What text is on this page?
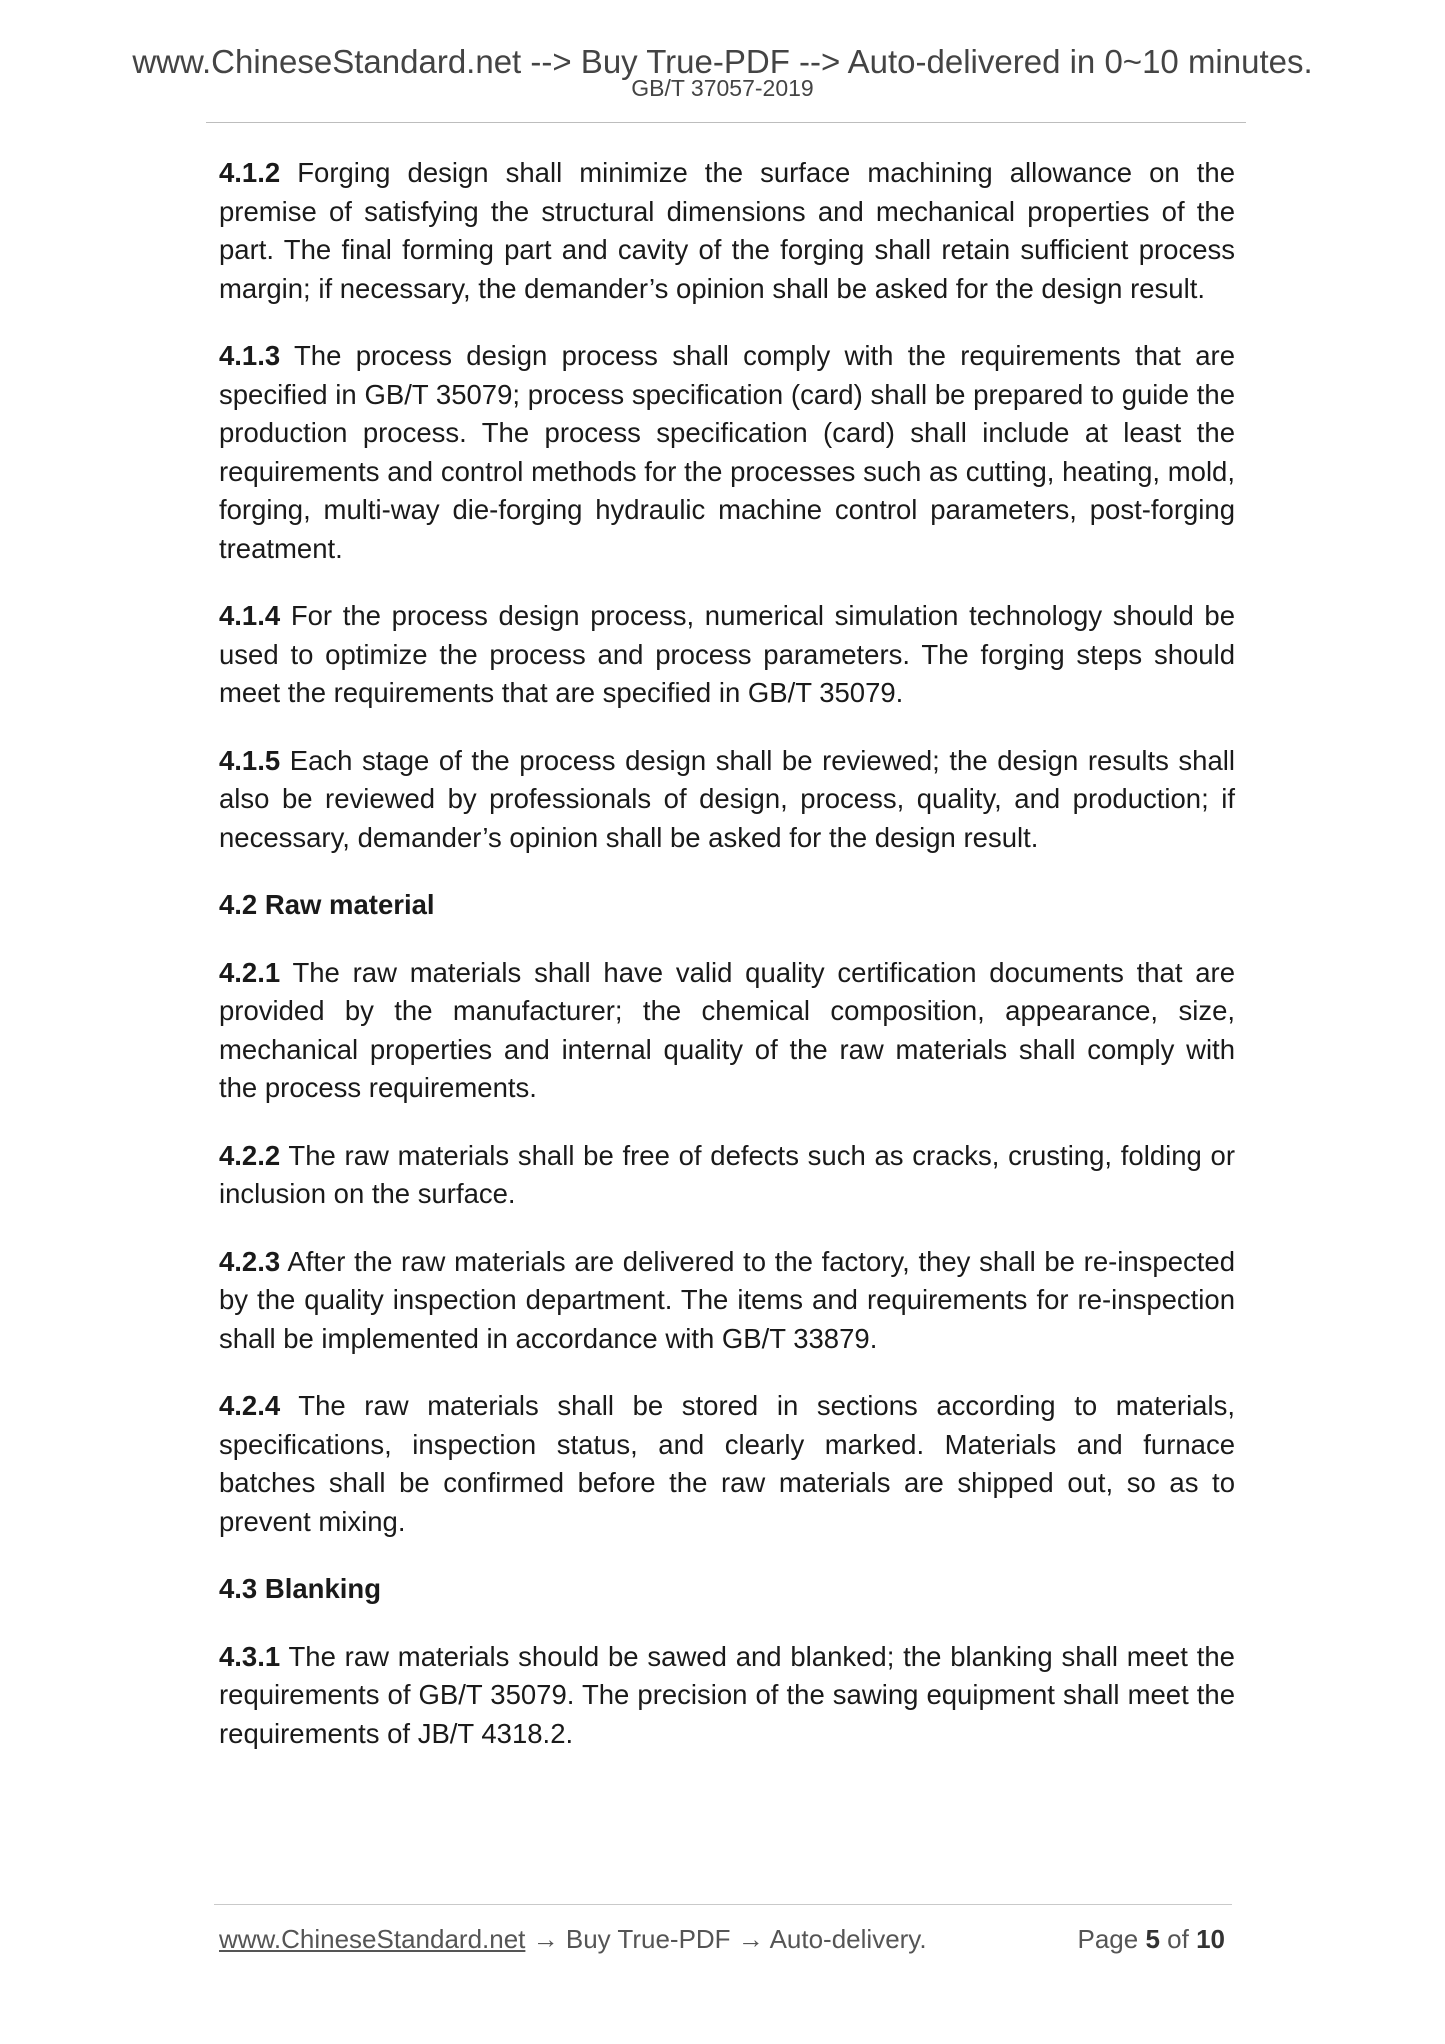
www.ChineseStandard.net --> Buy True-PDF --> Auto-delivered in 0~10 minutes.
GB/T 37057-2019

4.1.2 Forging design shall minimize the surface machining allowance on the premise of satisfying the structural dimensions and mechanical properties of the part. The final forming part and cavity of the forging shall retain sufficient process margin; if necessary, the demander’s opinion shall be asked for the design result.

4.1.3 The process design process shall comply with the requirements that are specified in GB/T 35079; process specification (card) shall be prepared to guide the production process. The process specification (card) shall include at least the requirements and control methods for the processes such as cutting, heating, mold, forging, multi-way die-forging hydraulic machine control parameters, post-forging treatment.

4.1.4 For the process design process, numerical simulation technology should be used to optimize the process and process parameters. The forging steps should meet the requirements that are specified in GB/T 35079.

4.1.5 Each stage of the process design shall be reviewed; the design results shall also be reviewed by professionals of design, process, quality, and production; if necessary, demander’s opinion shall be asked for the design result.

4.2 Raw material

4.2.1 The raw materials shall have valid quality certification documents that are provided by the manufacturer; the chemical composition, appearance, size, mechanical properties and internal quality of the raw materials shall comply with the process requirements.

4.2.2 The raw materials shall be free of defects such as cracks, crusting, folding or inclusion on the surface.

4.2.3 After the raw materials are delivered to the factory, they shall be re-inspected by the quality inspection department. The items and requirements for re-inspection shall be implemented in accordance with GB/T 33879.

4.2.4 The raw materials shall be stored in sections according to materials, specifications, inspection status, and clearly marked. Materials and furnace batches shall be confirmed before the raw materials are shipped out, so as to prevent mixing.

4.3 Blanking

4.3.1 The raw materials should be sawed and blanked; the blanking shall meet the requirements of GB/T 35079. The precision of the sawing equipment shall meet the requirements of JB/T 4318.2.

www.ChineseStandard.net → Buy True-PDF → Auto-delivery.	Page 5 of 10
